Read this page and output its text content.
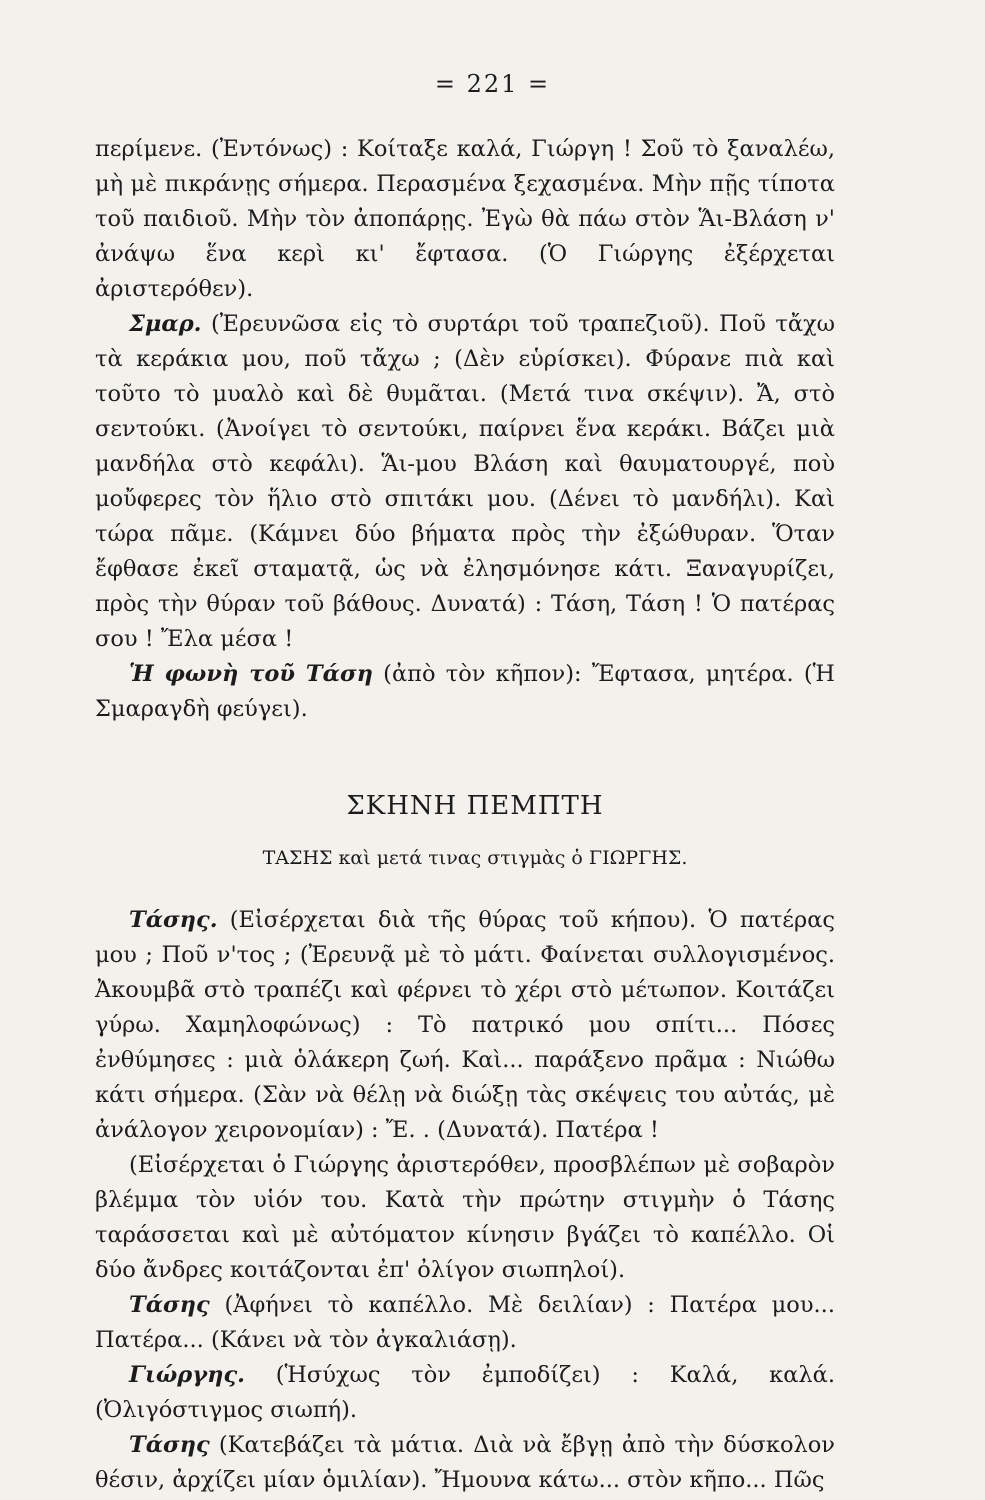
= 221 =

περίμενε. (Ἐντόνως) : Κοίταξε καλά, Γιώργη ! Σοῦ τὸ ξαναλέω, μὴ μὲ πικράνῃς σήμερα. Περασμένα ξεχασμένα. Μὴν πῇς τίποτα τοῦ παιδιοῦ. Μὴν τὸν ἀποπάρῃς. Ἐγὼ θὰ πάω στὸν Ἅι-Βλάση ν' ἀνάψω ἕνα κερὶ κι' ἔφτασα. (Ὁ Γιώργης ἐξέρχεται ἀριστερόθεν).

Σμαρ. (Ἐρευνῶσα εἰς τὸ συρτάρι τοῦ τραπεζιοῦ). Ποῦ τἄχω τὰ κεράκια μου, ποῦ τἄχω ; (Δὲν εὑρίσκει). Φύρανε πιὰ καὶ τοῦτο τὸ μυαλὸ καὶ δὲ θυμᾶται. (Μετά τινα σκέψιν). Ἄ, στὸ σεντούκι. (Ἀνοίγει τὸ σεντούκι, παίρνει ἕνα κεράκι. Βάζει μιὰ μανδήλα στὸ κεφάλι). Ἅι-μου Βλάση καὶ θαυματουργέ, ποὺ μοὔφερες τὸν ἥλιο στὸ σπιτάκι μου. (Δένει τὸ μανδήλι). Καὶ τώρα πᾶμε. (Κάμνει δύο βήματα πρὸς τὴν ἐξώθυραν. Ὅταν ἔφθασε ἐκεῖ σταματᾷ, ὡς νὰ ἐλησμόνησε κάτι. Ξαναγυρίζει, πρὸς τὴν θύραν τοῦ βάθους. Δυνατά) : Τάση, Τάση ! Ὁ πατέρας σου ! Ἔλα μέσα !

Ἡ φωνὴ τοῦ Τάση (ἀπὸ τὸν κῆπον): Ἔφτασα, μητέρα. (Ἡ Σμαραγδὴ φεύγει).

ΣΚΗΝΗ ΠΕΜΠΤΗ
ΤΑΣΗΣ καὶ μετά τινας στιγμὰς ὁ ΓΙΩΡΓΗΣ.

Τάσης. (Εἰσέρχεται διὰ τῆς θύρας τοῦ κήπου). Ὁ πατέρας μου ; Ποῦ ν'τος ; (Ἐρευνᾷ μὲ τὸ μάτι. Φαίνεται συλλογισμένος. Ἀκουμβᾶ στὸ τραπέζι καὶ φέρνει τὸ χέρι στὸ μέτωπον. Κοιτάζει γύρω. Χαμηλοφώνως) : Τὸ πατρικό μου σπίτι... Πόσες ἐνθύμησες : μιὰ ὁλάκερη ζωή. Καὶ... παράξενο πρᾶμα : Νιώθω κάτι σήμερα. (Σὰν νὰ θέλῃ νὰ διώξῃ τὰς σκέψεις του αὐτάς, μὲ ἀνάλογον χειρονομίαν) : Ἔ. . (Δυνατά). Πατέρα !

(Εἰσέρχεται ὁ Γιώργης ἀριστερόθεν, προσβλέπων μὲ σοβαρὸν βλέμμα τὸν υἱόν του. Κατὰ τὴν πρώτην στιγμὴν ὁ Τάσης ταράσσεται καὶ μὲ αὐτόματον κίνησιν βγάζει τὸ καπέλλο. Οἱ δύο ἄνδρες κοιτάζονται ἐπ' ὀλίγον σιωπηλοί).

Τάσης (Ἀφήνει τὸ καπέλλο. Μὲ δειλίαν) : Πατέρα μου... Πατέρα... (Κάνει νὰ τὸν ἀγκαλιάσῃ).

Γιώργης. (Ἡσύχως τὸν ἐμποδίζει) : Καλά, καλά. (Ὀλιγόστιγμος σιωπή).

Τάσης (Κατεβάζει τὰ μάτια. Διὰ νὰ ἔβγῃ ἀπὸ τὴν δύσκολον θέσιν, ἀρχίζει μίαν ὁμιλίαν). Ἤμουνα κάτω... στὸν κῆπο... Πῶς
